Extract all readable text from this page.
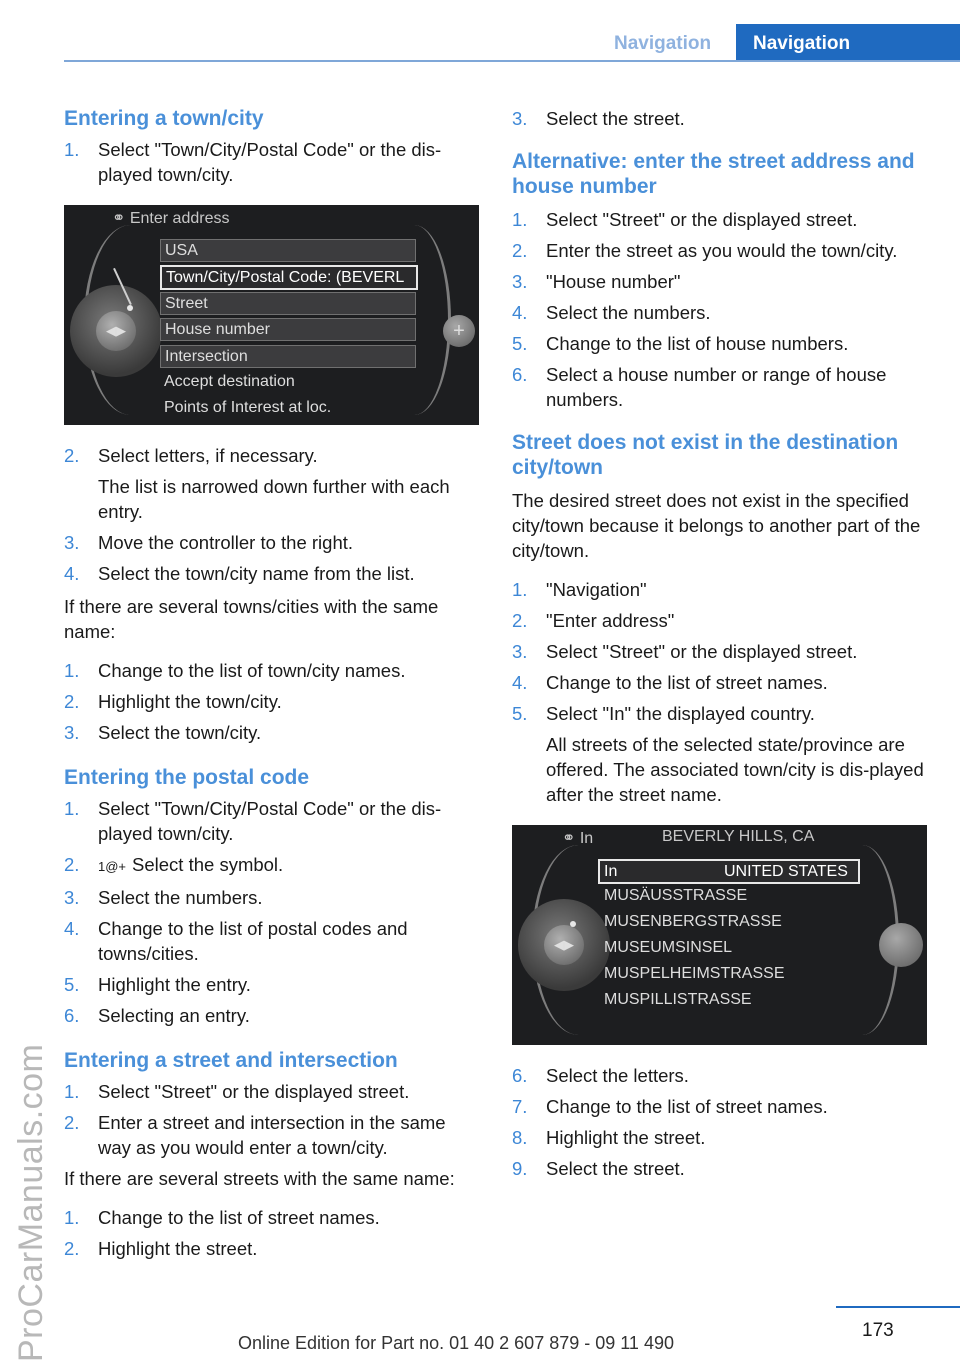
Navigation	Navigation
ProCarManuals.com
Entering a town/city
1. Select "Town/City/Postal Code" or the dis-played town/city.
⚭ Enter address
◀▶	+
USA
Town/City/Postal Code: (BEVERL
Street
House number
Intersection
Accept destination
Points of Interest at loc.
2. Select letters, if necessary.
The list is narrowed down further with each entry.
3. Move the controller to the right.
4. Select the town/city name from the list.

If there are several towns/cities with the same name:

1. Change to the list of town/city names.
2. Highlight the town/city.
3. Select the town/city.
Entering the postal code
1. Select "Town/City/Postal Code" or the dis-played town/city.
2. 1@+ Select the symbol.
3. Select the numbers.
4. Change to the list of postal codes and towns/cities.
5. Highlight the entry.
6. Selecting an entry.
Entering a street and intersection
1. Select "Street" or the displayed street.
2. Enter a street and intersection in the same way as you would enter a town/city.

If there are several streets with the same name:

1. Change to the list of street names.
2. Highlight the street.
3. Select the street.
Alternative: enter the street address and house number
1. Select "Street" or the displayed street.
2. Enter the street as you would the town/city.
3. "House number"
4. Select the numbers.
5. Change to the list of house numbers.
6. Select a house number or range of house numbers.
Street does not exist in the destination city/town

The desired street does not exist in the specified city/town because it belongs to another part of the city/town.

1. "Navigation"
2. "Enter address"
3. Select "Street" or the displayed street.
4. Change to the list of street names.
5. Select "In" the displayed country.
All streets of the selected state/province are offered. The associated town/city is dis-played after the street name.
⚭ In	BEVERLY HILLS, CA
◀▶
In	UNITED STATES
MUSÄUSSTRASSE
MUSENBERGSTRASSE
MUSEUMSINSEL
MUSPELHEIMSTRASSE
MUSPILLISTRASSE
6. Select the letters.
7. Change to the list of street names.
8. Highlight the street.
9. Select the street.
173
Online Edition for Part no. 01 40 2 607 879 - 09 11 490
